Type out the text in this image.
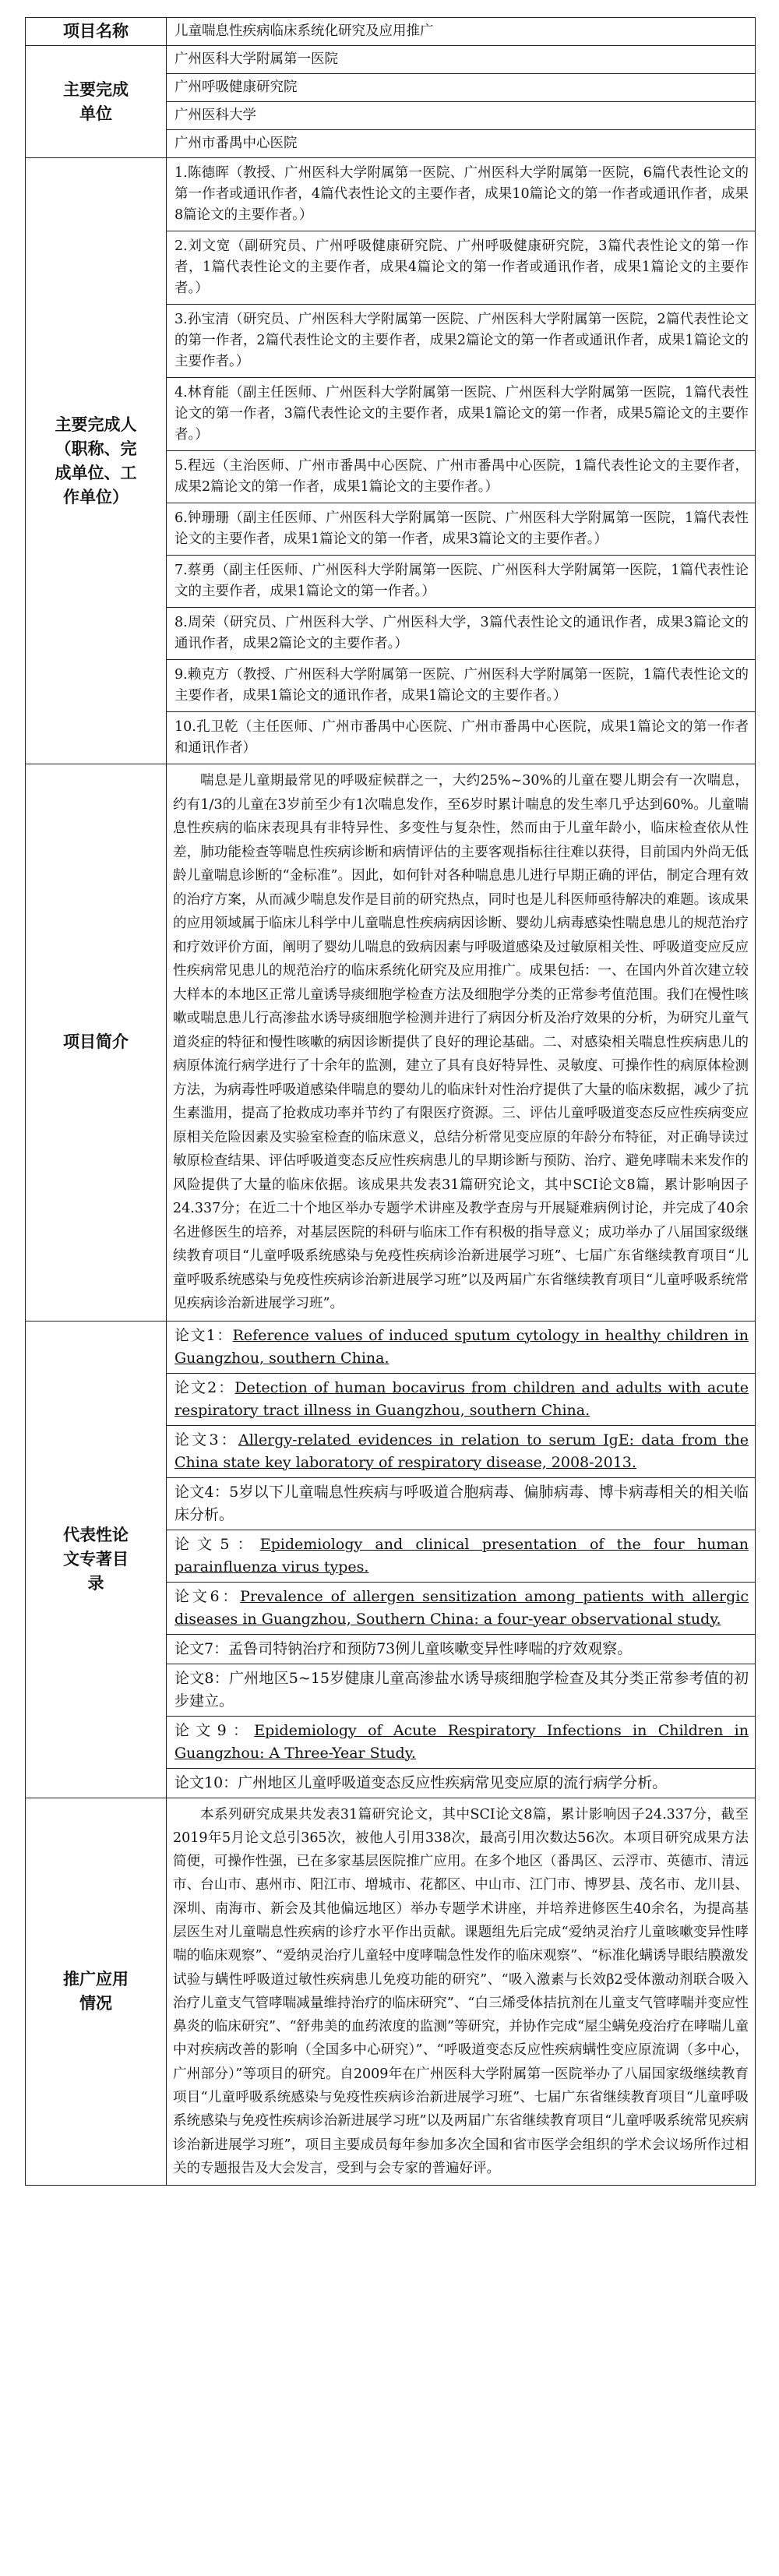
项目名称	儿童喘息性疾病临床系统化研究及应用推广
主要完成单位	广州医科大学附属第一医院
	广州呼吸健康研究院
	广州医科大学
	广州市番禺中心医院
主要完成人（职称、完成单位、工作单位）	1.陈德晖（教授、广州医科大学附属第一医院、广州医科大学附属第一医院，6篇代表性论文的第一作者或通讯作者，4篇代表性论文的主要作者，成果10篇论文的第一作者或通讯作者，成果8篇论文的主要作者。）
	2.刘文宽（副研究员、广州呼吸健康研究院、广州呼吸健康研究院，3篇代表性论文的第一作者，1篇代表性论文的主要作者，成果4篇论文的第一作者或通讯作者，成果1篇论文的主要作者。）
	3.孙宝清（研究员、广州医科大学附属第一医院、广州医科大学附属第一医院，2篇代表性论文的第一作者，2篇代表性论文的主要作者，成果2篇论文的第一作者或通讯作者，成果1篇论文的主要作者。）
	4.林育能（副主任医师、广州医科大学附属第一医院、广州医科大学附属第一医院，1篇代表性论文的第一作者，3篇代表性论文的主要作者，成果1篇论文的第一作者，成果5篇论文的主要作者。）
	5.程远（主治医师、广州市番禺中心医院、广州市番禺中心医院，1篇代表性论文的主要作者，成果2篇论文的第一作者，成果1篇论文的主要作者。）
	6.钟珊珊（副主任医师、广州医科大学附属第一医院、广州医科大学附属第一医院，1篇代表性论文的主要作者，成果1篇论文的第一作者，成果3篇论文的主要作者。）
	7.蔡勇（副主任医师、广州医科大学附属第一医院、广州医科大学附属第一医院，1篇代表性论文的主要作者，成果1篇论文的第一作者。）
	8.周荣（研究员、广州医科大学、广州医科大学，3篇代表性论文的通讯作者，成果3篇论文的通讯作者，成果2篇论文的主要作者。）
	9.赖克方（教授、广州医科大学附属第一医院、广州医科大学附属第一医院，1篇代表性论文的主要作者，成果1篇论文的通讯作者，成果1篇论文的主要作者。）
	10.孔卫乾（主任医师、广州市番禺中心医院、广州市番禺中心医院，成果1篇论文的第一作者和通讯作者）
项目简介	喘息是儿童期最常见的呼吸症候群之一，大约25%~30%的儿童在婴儿期会有一次喘息，约有1/3的儿童在3岁前至少有1次喘息发作，至6岁时累计喘息的发生率几乎达到60%。儿童喘息性疾病的临床表现具有非特异性、多变性与复杂性，然而由于儿童年龄小，临床检查依从性差，肺功能检查等喘息性疾病诊断和病情评估的主要客观指标往往难以获得，目前国内外尚无低龄儿童喘息诊断的“金标准”。因此，如何针对各种喘息患儿进行早期正确的评估，制定合理有效的治疗方案，从而减少喘息发作是目前的研究热点，同时也是儿科医师亟待解决的难题。该成果的应用领域属于临床儿科学中儿童喘息性疾病病因诊断、婴幼儿病毒感染性喘息患儿的规范治疗和疗效评价方面，阐明了婴幼儿喘息的致病因素与呼吸道感染及过敏原相关性、呼吸道变应反应性疾病常见患儿的规范治疗的临床系统化研究及应用推广。成果包括：一、在国内外首次建立较大样本的本地区正常儿童诱导痰细胞学检查方法及细胞学分类的正常参考值范围。我们在慢性咳嗽或喘息患儿行高渗盐水诱导痰细胞学检测并进行了病因分析及治疗效果的分析，为研究儿童气道炎症的特征和慢性咳嗽的病因诊断提供了良好的理论基础。二、对感染相关喘息性疾病患儿的病原体流行病学进行了十余年的监测，建立了具有良好特异性、灵敏度、可操作性的病原体检测方法，为病毒性呼吸道感染伴喘息的婴幼儿的临床针对性治疗提供了大量的临床数据，减少了抗生素滥用，提高了抢救成功率并节约了有限医疗资源。三、评估儿童呼吸道变态反应性疾病变应原相关危险因素及实验室检查的临床意义，总结分析常见变应原的年龄分布特征，对正确导读过敏原检查结果、评估呼吸道变态反应性疾病患儿的早期诊断与预防、治疗、避免哮喘未来发作的风险提供了大量的临床依据。该成果共发表31篇研究论文，其中SCI论文8篇，累计影响因子24.337分；在近二十个地区举办专题学术讲座及教学查房与开展疑难病例讨论，并完成了40余名进修医生的培养，对基层医院的科研与临床工作有积极的指导意义；成功举办了八届国家级继续教育项目“儿童呼吸系统感染与免疫性疾病诊治新进展学习班”、七届广东省继续教育项目“儿童呼吸系统感染与免疫性疾病诊治新进展学习班”以及两届广东省继续教育项目“儿童呼吸系统常见疾病诊治新进展学习班”。
代表性论文专著目录	论文1：Reference values of induced sputum cytology in healthy children in Guangzhou, southern China.
	论文2：Detection of human bocavirus from children and adults with acute respiratory tract illness in Guangzhou, southern China.
	论文3：Allergy-related evidences in relation to serum IgE: data from the China state key laboratory of respiratory disease, 2008-2013.
	论文4：5岁以下儿童喘息性疾病与呼吸道合胞病毒、偏肺病毒、博卡病毒相关的相关临床分析。
	论文5：Epidemiology and clinical presentation of the four human parainfluenza virus types.
	论文6：Prevalence of allergen sensitization among patients with allergic diseases in Guangzhou, Southern China: a four-year observational study.
	论文7：孟鲁司特钠治疗和预防73例儿童咳嗽变异性哮喘的疗效观察。
	论文8：广州地区5~15岁健康儿童高渗盐水诱导痰细胞学检查及其分类正常参考值的初步建立。
	论文9：Epidemiology of Acute Respiratory Infections in Children in Guangzhou: A Three-Year Study.
	论文10：广州地区儿童呼吸道变态反应性疾病常见变应原的流行病学分析。
推广应用情况	本系列研究成果共发表31篇研究论文，其中SCI论文8篇，累计影响因子24.337分，截至2019年5月论文总引365次，被他人引用338次，最高引用次数达56次。本项目研究成果方法简便，可操作性强，已在多家基层医院推广应用。在多个地区（番禺区、云浮市、英德市、清远市、台山市、惠州市、阳江市、增城市、花都区、中山市、江门市、博罗县、茂名市、龙川县、深圳、南海市、新会及其他偏远地区）举办专题学术讲座，并培养进修医生40余名，为提高基层医生对儿童喘息性疾病的诊疗水平作出贡献。课题组先后完成“爱纳灵治疗儿童咳嗽变异性哮喘的临床观察”、“爱纳灵治疗儿童轻中度哮喘急性发作的临床观察”、“标准化螨诱导眼结膜激发试验与螨性呼吸道过敏性疾病患儿免疫功能的研究”、“吸入激素与长效β2受体激动剂联合吸入治疗儿童支气管哮喘减量维持治疗的临床研究”、“白三烯受体拮抗剂在儿童支气管哮喘并变应性鼻炎的临床研究”、“舒弗美的血药浓度的监测”等研究，并协作完成“屋尘螨免疫治疗在哮喘儿童中对疾病改善的影响（全国多中心研究）”、“呼吸道变态反应性疾病螨性变应原流调（多中心，广州部分）”等项目的研究。自2009年在广州医科大学附属第一医院举办了八届国家级继续教育项目“儿童呼吸系统感染与免疫性疾病诊治新进展学习班”、七届广东省继续教育项目“儿童呼吸系统感染与免疫性疾病诊治新进展学习班”以及两届广东省继续教育项目“儿童呼吸系统常见疾病诊治新进展学习班”，项目主要成员每年参加多次全国和省市医学会组织的学术会议场所作过相关的专题报告及大会发言，受到与会专家的普遍好评。
